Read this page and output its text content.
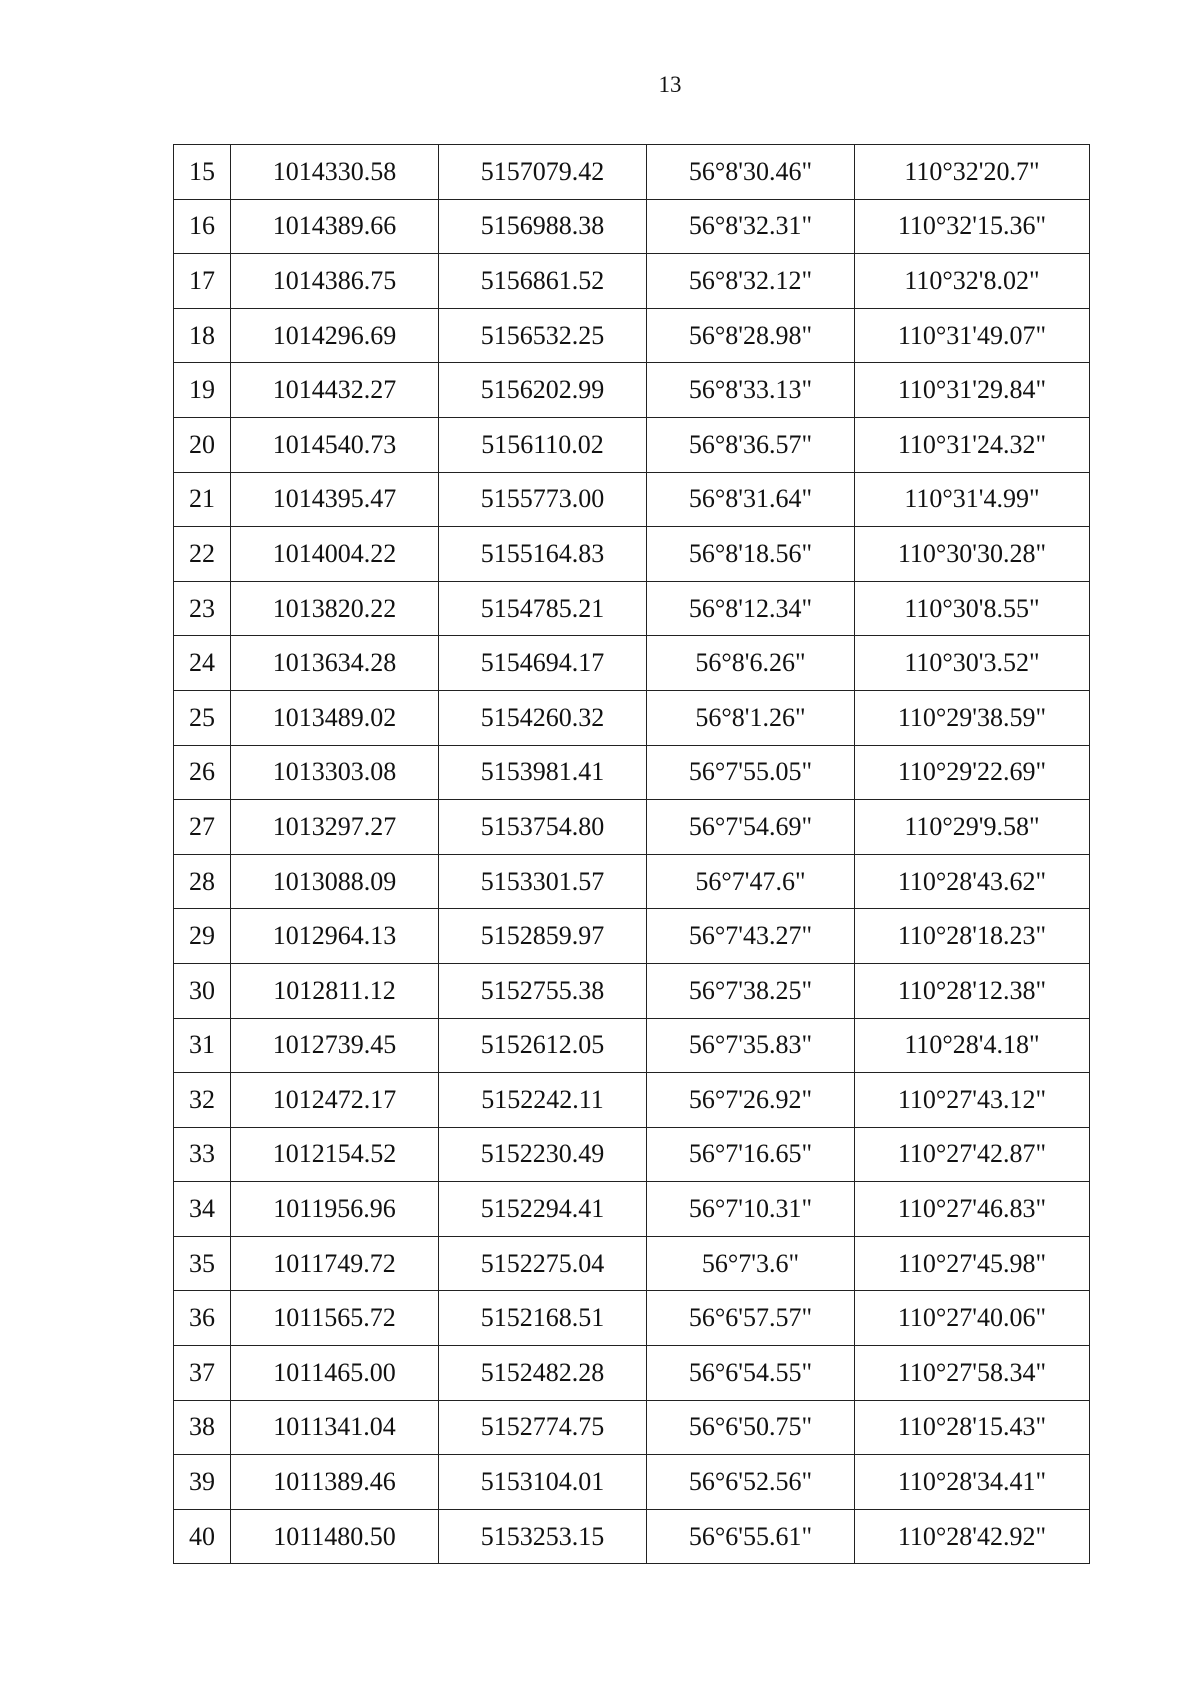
13
15	1014330.58	5157079.42	56°8'30.46"	110°32'20.7"
16	1014389.66	5156988.38	56°8'32.31"	110°32'15.36"
17	1014386.75	5156861.52	56°8'32.12"	110°32'8.02"
18	1014296.69	5156532.25	56°8'28.98"	110°31'49.07"
19	1014432.27	5156202.99	56°8'33.13"	110°31'29.84"
20	1014540.73	5156110.02	56°8'36.57"	110°31'24.32"
21	1014395.47	5155773.00	56°8'31.64"	110°31'4.99"
22	1014004.22	5155164.83	56°8'18.56"	110°30'30.28"
23	1013820.22	5154785.21	56°8'12.34"	110°30'8.55"
24	1013634.28	5154694.17	56°8'6.26"	110°30'3.52"
25	1013489.02	5154260.32	56°8'1.26"	110°29'38.59"
26	1013303.08	5153981.41	56°7'55.05"	110°29'22.69"
27	1013297.27	5153754.80	56°7'54.69"	110°29'9.58"
28	1013088.09	5153301.57	56°7'47.6"	110°28'43.62"
29	1012964.13	5152859.97	56°7'43.27"	110°28'18.23"
30	1012811.12	5152755.38	56°7'38.25"	110°28'12.38"
31	1012739.45	5152612.05	56°7'35.83"	110°28'4.18"
32	1012472.17	5152242.11	56°7'26.92"	110°27'43.12"
33	1012154.52	5152230.49	56°7'16.65"	110°27'42.87"
34	1011956.96	5152294.41	56°7'10.31"	110°27'46.83"
35	1011749.72	5152275.04	56°7'3.6"	110°27'45.98"
36	1011565.72	5152168.51	56°6'57.57"	110°27'40.06"
37	1011465.00	5152482.28	56°6'54.55"	110°27'58.34"
38	1011341.04	5152774.75	56°6'50.75"	110°28'15.43"
39	1011389.46	5153104.01	56°6'52.56"	110°28'34.41"
40	1011480.50	5153253.15	56°6'55.61"	110°28'42.92"
